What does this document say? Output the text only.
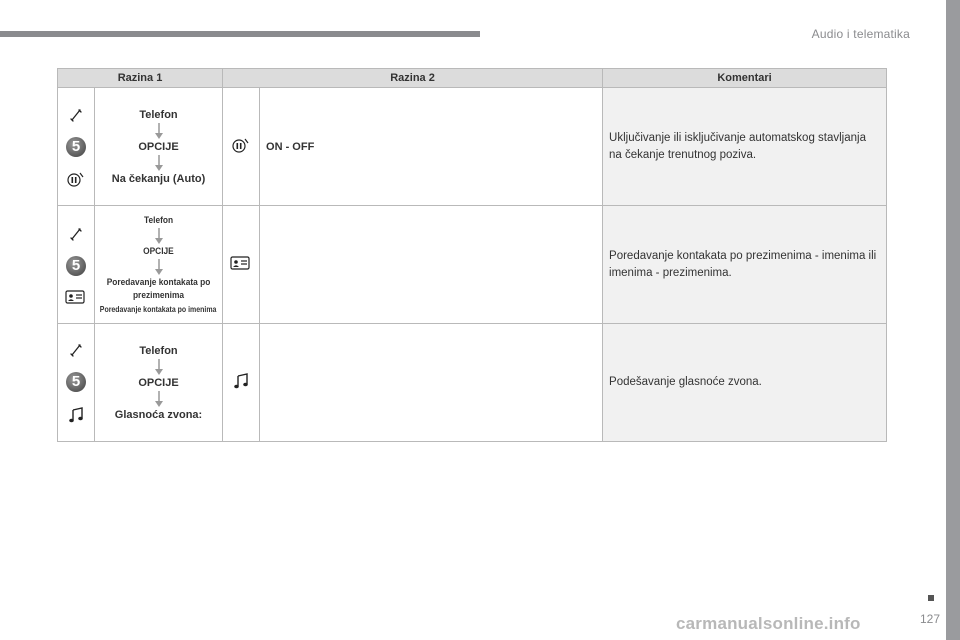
Audio i telematika
Razina 1		Razina 2		Komentari

5	Telefon
OPCIJE
Na čekanju (Auto)		ON - OFF	Uključivanje ili isključivanje automatskog stavljanja na čekanje trenutnog poziva.

5	Telefon
OPCIJE
Poredavanje kontakata po prezimenima
Poredavanje kontakata po imenima			Poredavanje kontakata po prezimenima - imenima ili imenima - prezimenima.

5	Telefon
OPCIJE
Glasnoća zvona:			Podešavanje glasnoće zvona.
127
carmanualsonline.info
